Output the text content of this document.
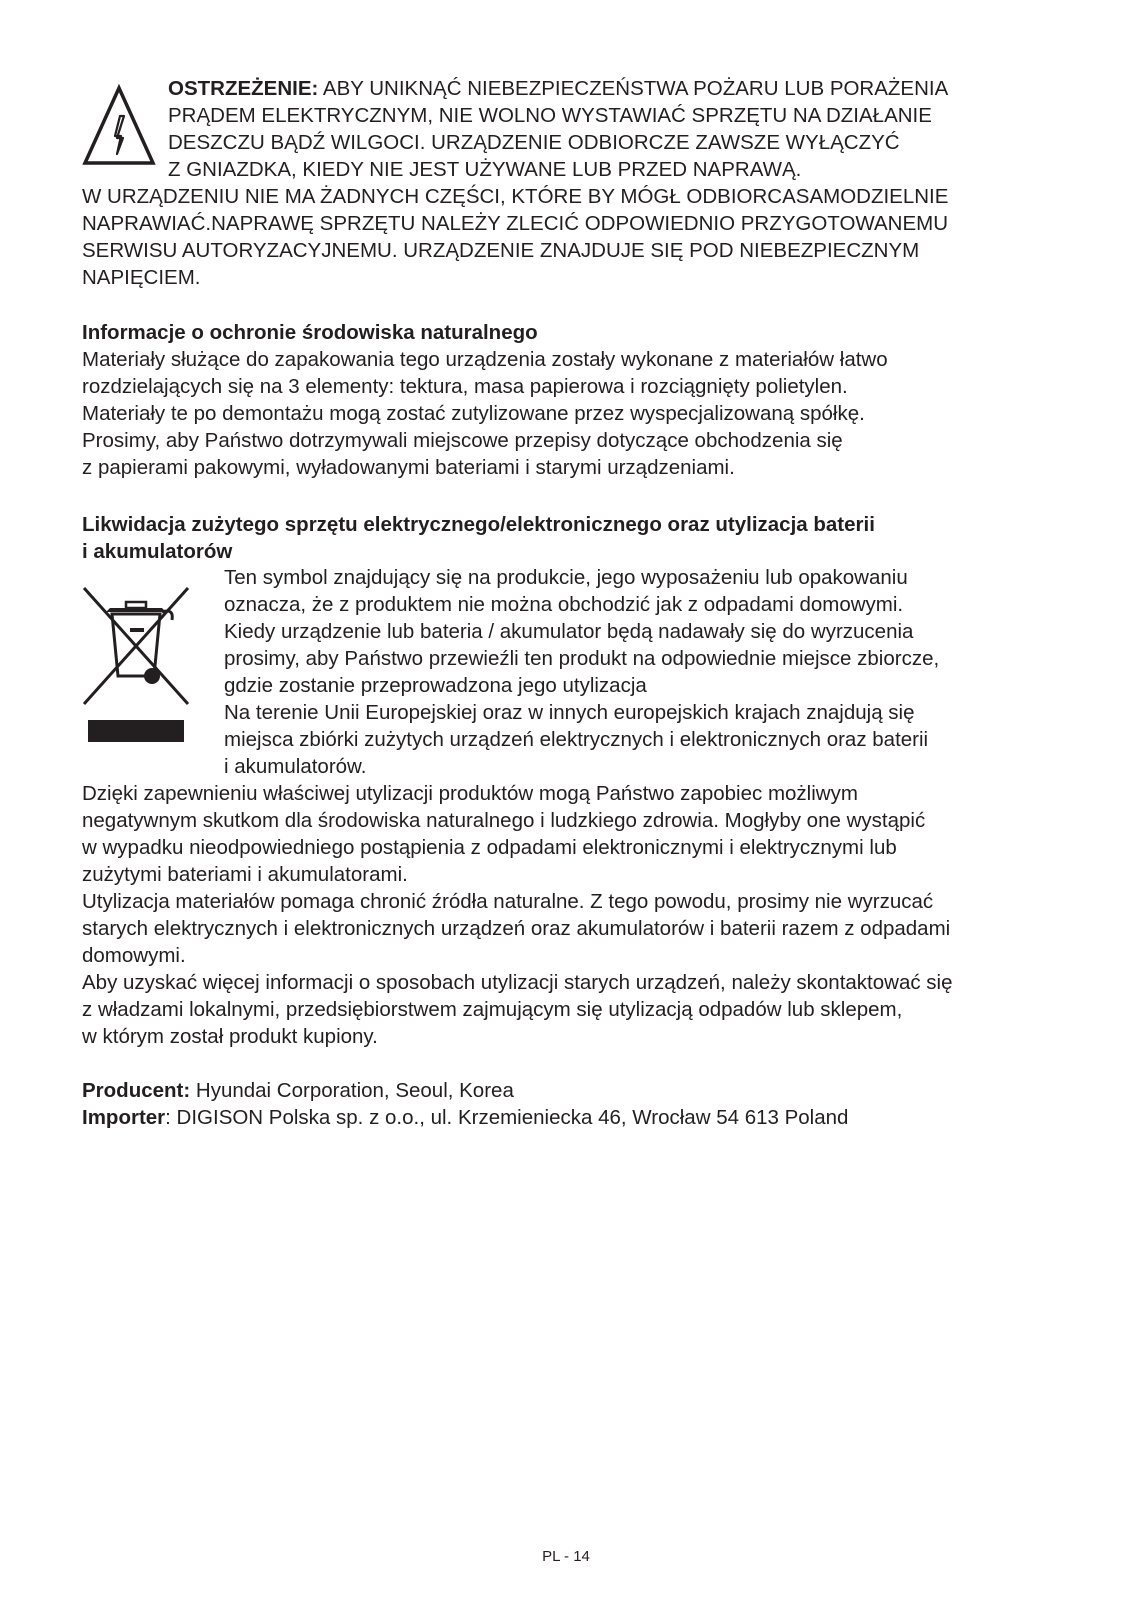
OSTRZEŻENIE: ABY UNIKNĄĆ NIEBEZPIECZEŃSTWA POŻARU LUB PORAŻENIA
PRĄDEM ELEKTRYCZNYM, NIE WOLNO WYSTAWIAĆ SPRZĘTU NA DZIAŁANIE
DESZCZU BĄDŹ WILGOCI. URZĄDZENIE ODBIORCZE ZAWSZE WYŁĄCZYĆ
Z GNIAZDKA, KIEDY NIE JEST UŻYWANE LUB PRZED NAPRAWĄ.
W URZĄDZENIU NIE MA ŻADNYCH CZĘŚCI, KTÓRE BY MÓGŁ ODBIORCASAMODZIELNIE
NAPRAWIAĆ.NAPRAWĘ SPRZĘTU NALEŻY ZLECIĆ ODPOWIEDNIO PRZYGOTOWANEMU
SERWISU AUTORYZACYJNEMU. URZĄDZENIE ZNAJDUJE SIĘ POD NIEBEZPIECZNYM
NAPIĘCIEM.
Informacje o ochronie środowiska naturalnego
Materiały służące do zapakowania tego urządzenia zostały wykonane z materiałów łatwo
rozdzielających się na 3 elementy: tektura, masa papierowa i rozciągnięty polietylen.
Materiały te po demontażu mogą zostać zutylizowane przez wyspecjalizowaną spółkę.
Prosimy, aby Państwo dotrzymywali miejscowe przepisy dotyczące obchodzenia się
z papierami pakowymi, wyładowanymi bateriami i starymi urządzeniami.
Likwidacja zużytego sprzętu elektrycznego/elektronicznego oraz utylizacja baterii
i akumulatorów
Ten symbol znajdujący się na produkcie, jego wyposażeniu lub opakowaniu
oznacza, że z produktem nie można obchodzić jak z odpadami domowymi.
Kiedy urządzenie lub bateria / akumulator będą nadawały się do wyrzucenia
prosimy, aby Państwo przewieźli ten produkt na odpowiednie miejsce zbiorcze,
gdzie zostanie przeprowadzona jego utylizacja
Na terenie Unii Europejskiej oraz w innych europejskich krajach znajdują się
miejsca zbiórki zużytych urządzeń elektrycznych i elektronicznych oraz baterii
i akumulatorów.
Dzięki zapewnieniu właściwej utylizacji produktów mogą Państwo zapobiec możliwym
negatywnym skutkom dla środowiska naturalnego i ludzkiego zdrowia. Mogłyby one wystąpić
w wypadku nieodpowiedniego postąpienia z odpadami elektronicznymi i elektrycznymi lub
zużytymi bateriami i akumulatorami.
Utylizacja materiałów pomaga chronić źródła naturalne. Z tego powodu, prosimy nie wyrzucać
starych elektrycznych i elektronicznych urządzeń oraz akumulatorów i baterii razem z odpadami
domowymi.
Aby uzyskać więcej informacji o sposobach utylizacji starych urządzeń, należy skontaktować się
z władzami lokalnymi, przedsiębiorstwem zajmującym się utylizacją odpadów lub sklepem,
w którym został produkt kupiony.
Producent: Hyundai Corporation, Seoul, Korea
Importer: DIGISON Polska sp. z o.o., ul. Krzemieniecka 46, Wrocław 54 613 Poland
PL - 14
